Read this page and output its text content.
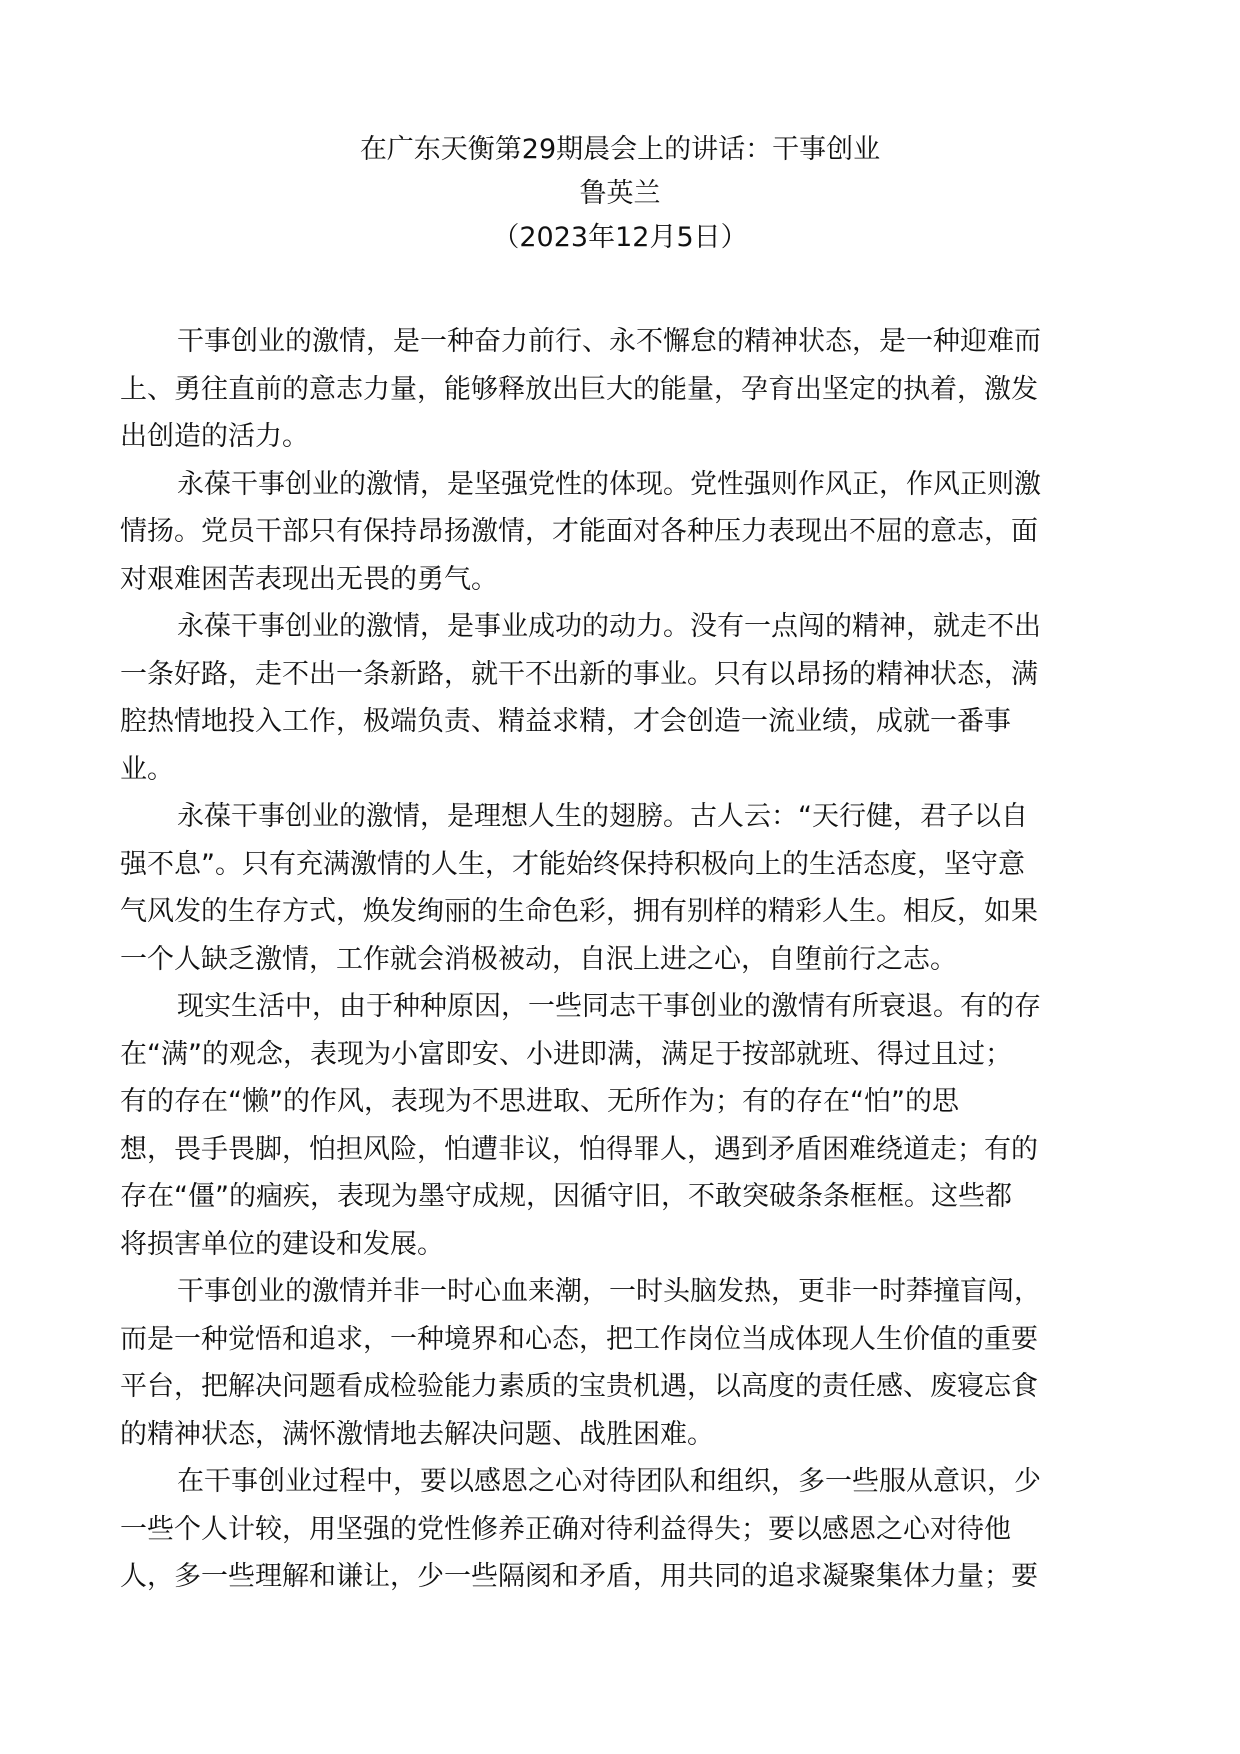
在广东天衡第29期晨会上的讲话：干事创业
鲁英兰
（2023年12月5日）
干事创业的激情，是一种奋力前行、永不懈怠的精神状态，是一种迎难而
上、勇往直前的意志力量，能够释放出巨大的能量，孕育出坚定的执着，激发
出创造的活力。
永葆干事创业的激情，是坚强党性的体现。党性强则作风正，作风正则激
情扬。党员干部只有保持昂扬激情，才能面对各种压力表现出不屈的意志，面
对艰难困苦表现出无畏的勇气。
永葆干事创业的激情，是事业成功的动力。没有一点闯的精神，就走不出
一条好路，走不出一条新路，就干不出新的事业。只有以昂扬的精神状态，满
腔热情地投入工作，极端负责、精益求精，才会创造一流业绩，成就一番事
业。
永葆干事创业的激情，是理想人生的翅膀。古人云：“天行健，君子以自
强不息”。只有充满激情的人生，才能始终保持积极向上的生活态度，坚守意
气风发的生存方式，焕发绚丽的生命色彩，拥有别样的精彩人生。相反，如果
一个人缺乏激情，工作就会消极被动，自泯上进之心，自堕前行之志。
现实生活中，由于种种原因，一些同志干事创业的激情有所衰退。有的存
在“满”的观念，表现为小富即安、小进即满，满足于按部就班、得过且过；
有的存在“懒”的作风，表现为不思进取、无所作为；有的存在“怕”的思
想，畏手畏脚，怕担风险，怕遭非议，怕得罪人，遇到矛盾困难绕道走；有的
存在“僵”的痼疾，表现为墨守成规，因循守旧，不敢突破条条框框。这些都
将损害单位的建设和发展。
干事创业的激情并非一时心血来潮，一时头脑发热，更非一时莽撞盲闯，
而是一种觉悟和追求，一种境界和心态，把工作岗位当成体现人生价值的重要
平台，把解决问题看成检验能力素质的宝贵机遇，以高度的责任感、废寝忘食
的精神状态，满怀激情地去解决问题、战胜困难。
在干事创业过程中，要以感恩之心对待团队和组织，多一些服从意识，少
一些个人计较，用坚强的党性修养正确对待利益得失；要以感恩之心对待他
人，多一些理解和谦让，少一些隔阂和矛盾，用共同的追求凝聚集体力量；要
